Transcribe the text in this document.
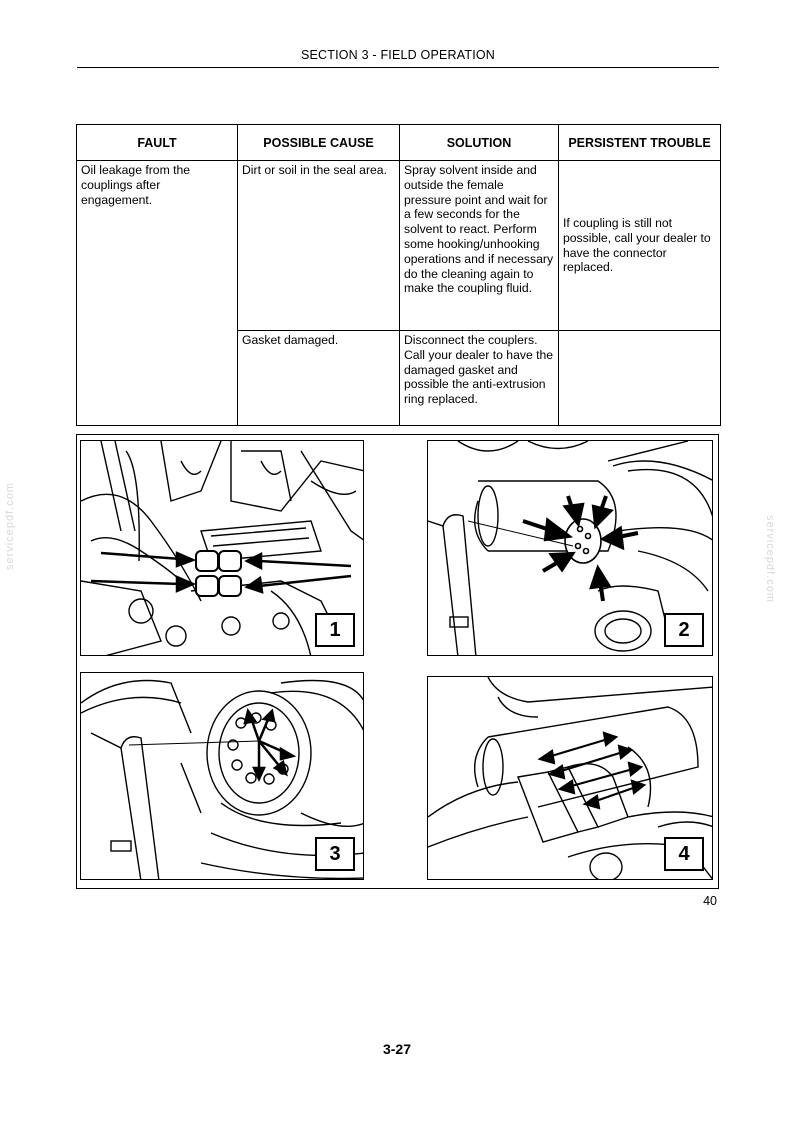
SECTION 3 - FIELD OPERATION
FAULT	POSSIBLE CAUSE	SOLUTION	PERSISTENT TROUBLE
Oil leakage from the couplings after engagement.	Dirt or soil in the seal area.	Spray solvent inside and outside the female pressure point and wait for a few seconds for the solvent to react. Perform some hooking/unhooking operations and if necessary do the cleaning again to make the coupling fluid.	If coupling is still not possible, call your dealer to have the connector replaced.
	Gasket damaged.	Disconnect the couplers. Call your dealer to have the damaged gasket and possible the anti-extrusion ring replaced.	
1	2
3	4
40
servicepdf.com	servicepdf.com
3-27
